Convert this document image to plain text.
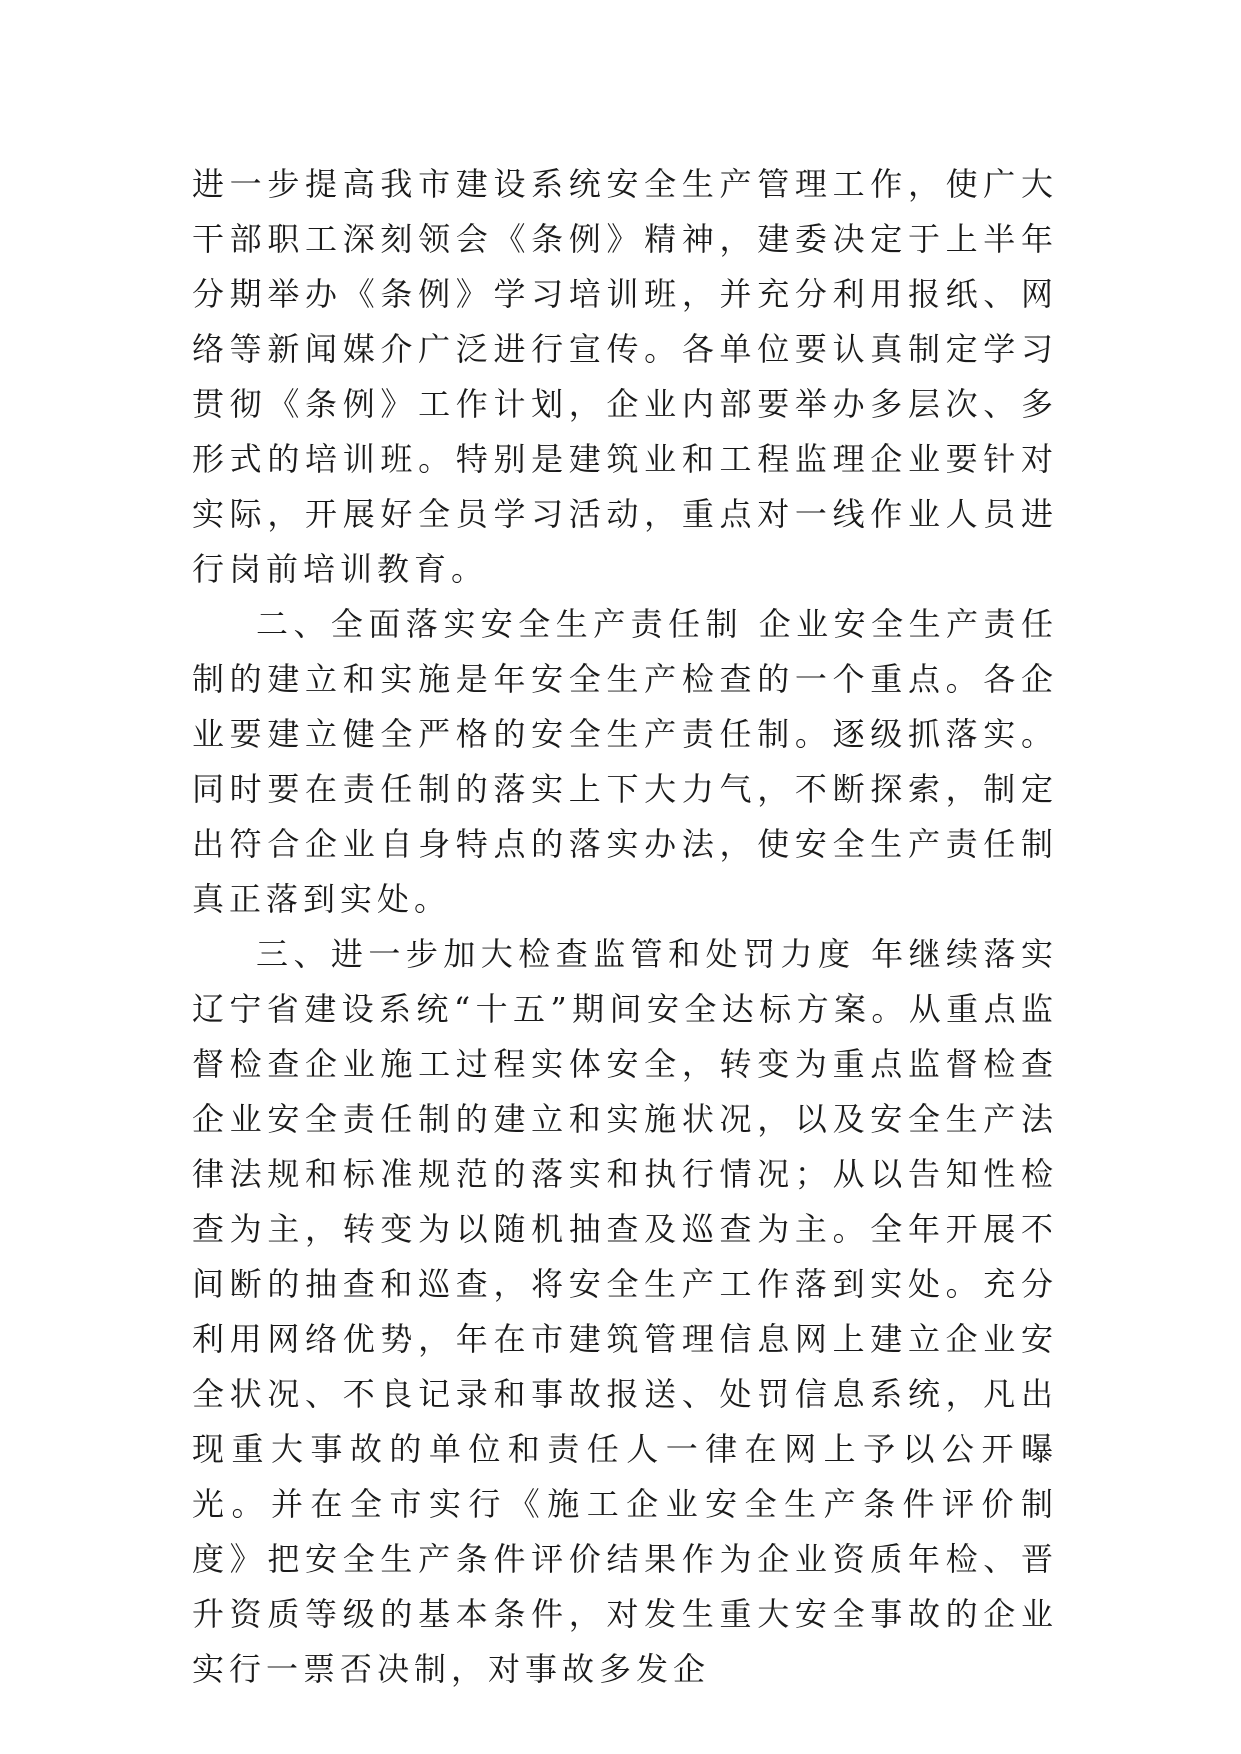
进一步提高我市建设系统安全生产管理工作，使广大干部职工深刻领会《条例》精神，建委决定于上半年分期举办《条例》学习培训班，并充分利用报纸、网络等新闻媒介广泛进行宣传。各单位要认真制定学习贯彻《条例》工作计划，企业内部要举办多层次、多形式的培训班。特别是建筑业和工程监理企业要针对实际，开展好全员学习活动，重点对一线作业人员进行岗前培训教育。

二、全面落实安全生产责任制 企业安全生产责任制的建立和实施是年安全生产检查的一个重点。各企业要建立健全严格的安全生产责任制。逐级抓落实。同时要在责任制的落实上下大力气，不断探索，制定出符合企业自身特点的落实办法，使安全生产责任制真正落到实处。

三、进一步加大检查监管和处罚力度 年继续落实辽宁省建设系统“十五”期间安全达标方案。从重点监督检查企业施工过程实体安全，转变为重点监督检查企业安全责任制的建立和实施状况，以及安全生产法律法规和标准规范的落实和执行情况；从以告知性检查为主，转变为以随机抽查及巡查为主。全年开展不间断的抽查和巡查，将安全生产工作落到实处。充分利用网络优势，年在市建筑管理信息网上建立企业安全状况、不良记录和事故报送、处罚信息系统，凡出现重大事故的单位和责任人一律在网上予以公开曝光。并在全市实行《施工企业安全生产条件评价制度》把安全生产条件评价结果作为企业资质年检、晋升资质等级的基本条件，对发生重大安全事故的企业实行一票否决制，对事故多发企
